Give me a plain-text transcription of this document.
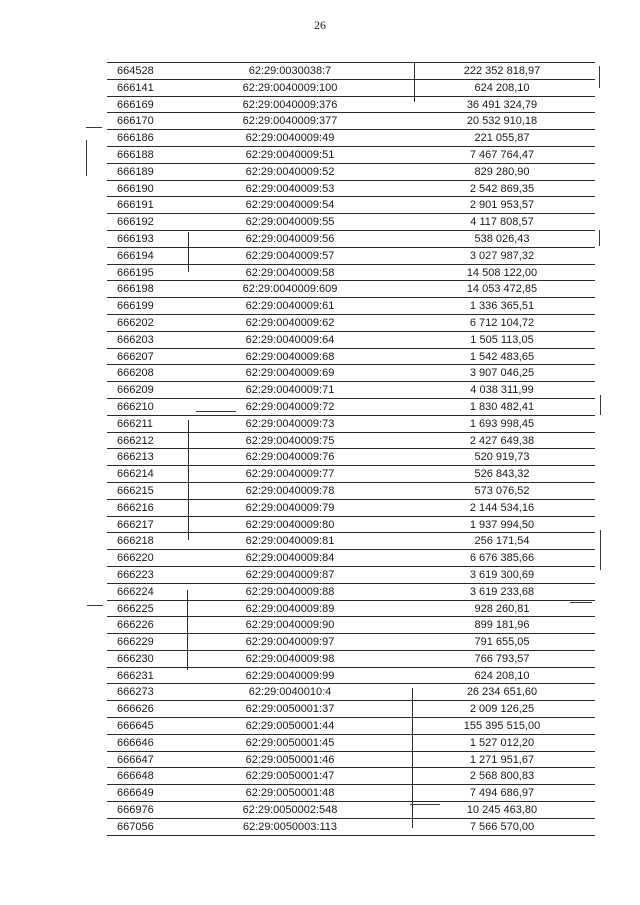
26
664528	62:29:0030038:7	222 352 818,97
666141	62:29:0040009:100	624 208,10
666169	62:29:0040009:376	36 491 324,79
666170	62:29:0040009:377	20 532 910,18
666186	62:29:0040009:49	221 055,87
666188	62:29:0040009:51	7 467 764,47
666189	62:29:0040009:52	829 280,90
666190	62:29:0040009:53	2 542 869,35
666191	62:29:0040009:54	2 901 953,57
666192	62:29:0040009:55	4 117 808,57
666193	62:29:0040009:56	538 026,43
666194	62:29:0040009:57	3 027 987,32
666195	62:29:0040009:58	14 508 122,00
666198	62:29:0040009:609	14 053 472,85
666199	62:29:0040009:61	1 336 365,51
666202	62:29:0040009:62	6 712 104,72
666203	62:29:0040009:64	1 505 113,05
666207	62:29:0040009:68	1 542 483,65
666208	62:29:0040009:69	3 907 046,25
666209	62:29:0040009:71	4 038 311,99
666210	62:29:0040009:72	1 830 482,41
666211	62:29:0040009:73	1 693 998,45
666212	62:29:0040009:75	2 427 649,38
666213	62:29:0040009:76	520 919,73
666214	62:29:0040009:77	526 843,32
666215	62:29:0040009:78	573 076,52
666216	62:29:0040009:79	2 144 534,16
666217	62:29:0040009:80	1 937 994,50
666218	62:29:0040009:81	256 171,54
666220	62:29:0040009:84	6 676 385,66
666223	62:29:0040009:87	3 619 300,69
666224	62:29:0040009:88	3 619 233,68
666225	62:29:0040009:89	928 260,81
666226	62:29:0040009:90	899 181,96
666229	62:29:0040009:97	791 655,05
666230	62:29:0040009:98	766 793,57
666231	62:29:0040009:99	624 208,10
666273	62:29:0040010:4	26 234 651,60
666626	62:29:0050001:37	2 009 126,25
666645	62:29:0050001:44	155 395 515,00
666646	62:29:0050001:45	1 527 012,20
666647	62:29:0050001:46	1 271 951,67
666648	62:29:0050001:47	2 568 800,83
666649	62:29:0050001:48	7 494 686,97
666976	62:29:0050002:548	10 245 463,80
667056	62:29:0050003:113	7 566 570,00
